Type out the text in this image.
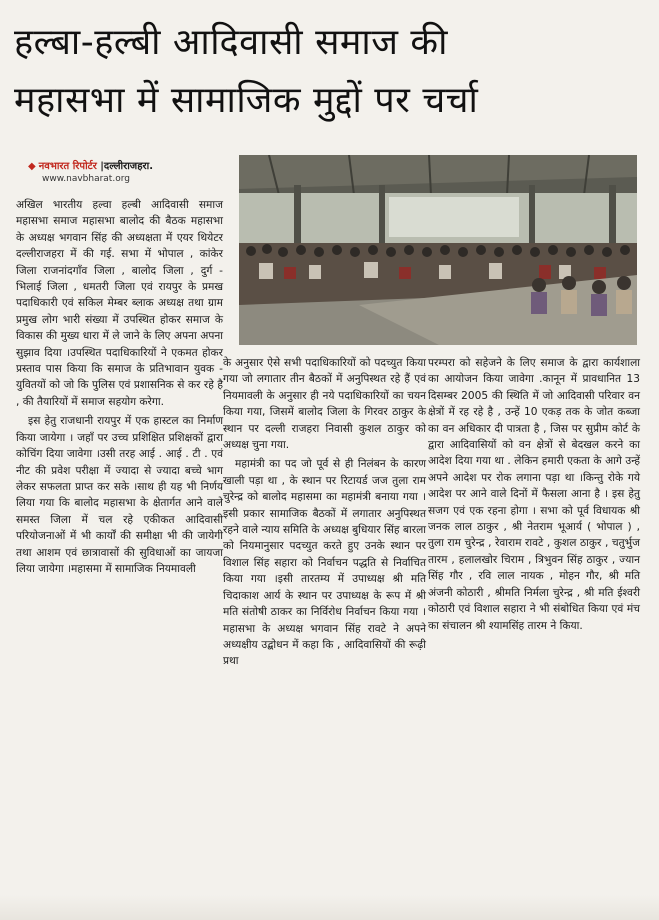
हल्बा-हल्बी आदिवासी समाज की
महासभा में सामाजिक मुद्दों पर चर्चा
◆ नवभारत रिपोर्टर |दल्लीराजहरा.
www.navbharat.org

अखिल भारतीय हल्वा हल्बी आदिवासी समाज महासभा समाज महासभा बालोद की बैठक महासभा के अध्यक्ष भगवान सिंह की अध्यक्षता में एयर थियेटर दल्लीराजहरा में की गई. सभा में भोपाल , कांकेर जिला राजनांदगाँव जिला , बालोद जिला , दुर्ग - भिलाई जिला , धमतरी जिला एवं रायपुर के प्रमख पदाधिकारी एवं सकिल मेम्बर ब्लाक अध्यक्ष तथा ग्राम प्रमुख लोग भारी संख्या में उपस्थित होकर समाज के विकास की मुख्य धारा में ले जाने के लिए अपना अपना सुझाव दिया ।उपस्थित पदाधिकारियों ने एकमत होकर प्रस्ताव पास किया कि समाज के प्रतिभावान युवक - युवितयों को जो कि पुलिस एवं प्रशासनिक से कर रहे है , की तैयारियों में समाज सहयोग करेगा.

इस हेतु राजधानी रायपुर में एक हास्टल का निर्माण किया जायेगा । जहाँ पर उच्च प्रशिक्षित प्रशिक्षकों द्वारा कोचिंग दिया जावेगा ।उसी तरह आई . आई . टी . एवं नीट की प्रवेश परीक्षा में ज्यादा से ज्यादा बच्चे भाग लेकर सफलता प्राप्त कर सके ।साथ ही यह भी निर्णय लिया गया कि बालोद महासभा के क्षेतार्गत आने वाले समस्त जिला में चल रहे एकीकत आदिवासी परियोजनाओं में भी कार्यों की समीक्षा भी की जायेगी तथा आशम एवं छात्रावासों की सुविधाओं का जायजा लिया जायेगा ।महासमा में सामाजिक नियमावली

के अनुसार ऐसे सभी पदाधिकारियों को पदच्युत किया गया जो लगातार तीन बैठकों में अनुपिस्थत रहे हैं एवं नियमावली के अनुसार ही नये पदाधिकारियों का चयन किया गया, जिसमें बालोद जिला के गिरवर ठाकुर के स्थान पर दल्ली राजहरा निवासी कुशल ठाकुर को अध्यक्ष चुना गया.

महामंत्री का पद जो पूर्व से ही निलंबन के कारण खाली पड़ा था , के स्थान पर रिटायर्ड जज तुला राम चुरेन्द्र को बालोद महासमा का महामंत्री बनाया गया । इसी प्रकार सामाजिक बैठकों में लगातार अनुपिस्थत रहने वाले न्याय समिति के अध्यक्ष बुधियार सिंह बारला को नियमानुसार पदच्युत करते हुए उनके स्थान पर विशाल सिंह सहारा को निर्वाचन पद्धति से निर्वाचित किया गया ।इसी तारतम्य में उपाध्यक्ष श्री मति चिदाकाश आर्य के स्थान पर उपाध्यक्ष के रूप में श्री मति संतोषी ठाकर का निर्विरोध निर्वाचन किया गया । महासभा के अध्यक्ष भगवान सिंह रावटे ने अपने अध्यक्षीय उद्बोधन में कहा कि , आदिवासियों की रूढ़ी प्रथा

परम्परा को सहेजने के लिए समाज के द्वारा कार्यशाला का आयोजन किया जावेगा .कानून में प्रावधानित 13 दिसम्बर 2005 की स्थिति में जो आदिवासी परिवार वन क्षेत्रों में रह रहे है , उन्हें 10 एकड़ तक के जोत कब्जा का वन अधिकार दी पात्रता है , जिस पर सुप्रीम कोर्ट के द्वारा आदिवासियों को वन क्षेत्रों से बेदखल करने का आदेश दिया गया था . लेकिन हमारी एकता के आगे उन्हें अपने आदेश पर रोक लगाना पड़ा था ।किन्तु रोके गये आदेश पर आने वाले दिनों में फैसला आना है । इस हेतु सजग एवं एक रहना होगा । सभा को पूर्व विधायक श्री जनक लाल ठाकुर , श्री नेतराम भूआर्य ( भोपाल ) , तुला राम चुरेन्द्र , रेवाराम रावटे , कुशल ठाकुर , चतुर्भुज तारम , हलालखोर चिराम , त्रिभुवन सिंह ठाकुर , ज्यान सिंह गौर , रवि लाल नायक , मोहन गौर, श्री मति अंजनी कोठारी , श्रीमति निर्मला चुरेन्द्र , श्री मति ईश्वरी कोठारी एवं विशाल सहारा ने भी संबोधित किया एवं मंच का संचालन श्री श्यामसिंह तारम ने किया.
